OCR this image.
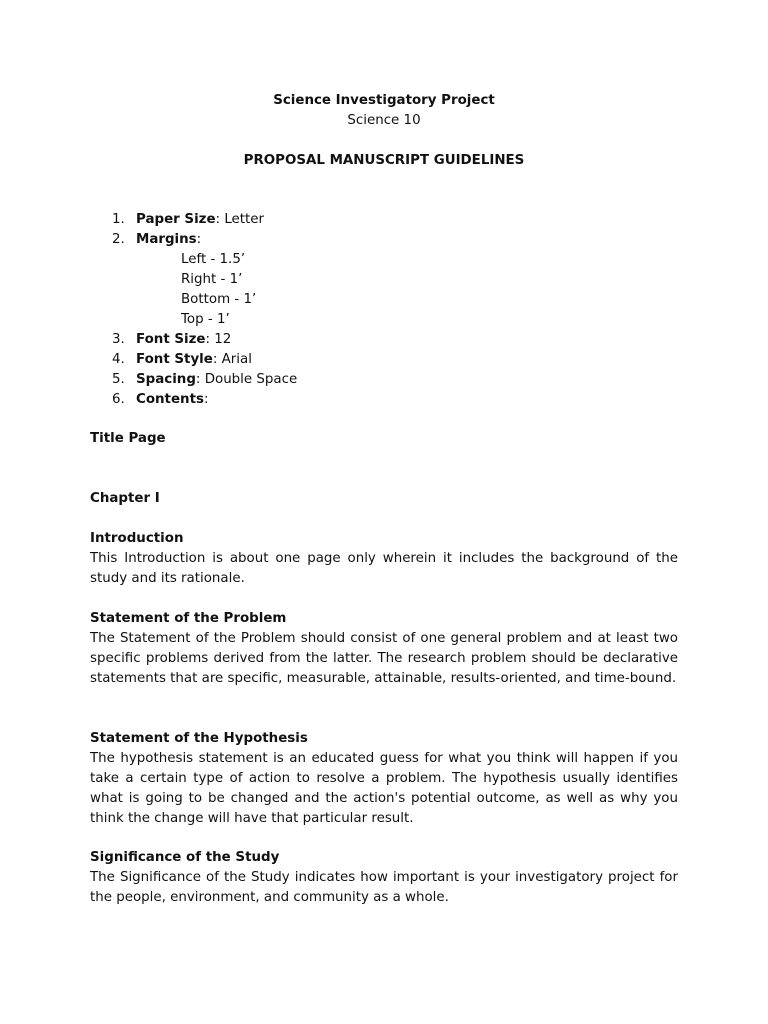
Science Investigatory Project

Science 10

PROPOSAL MANUSCRIPT GUIDELINES

1. Paper Size: Letter
2. Margins:
Left - 1.5’
Right - 1’
Bottom - 1’
Top - 1’
3. Font Size: 12
4. Font Style: Arial
5. Spacing: Double Space
6. Contents:

Title Page

Chapter I

Introduction

This Introduction is about one page only wherein it includes the background of the study and its rationale.

Statement of the Problem

The Statement of the Problem should consist of one general problem and at least two specific problems derived from the latter. The research problem should be declarative statements that are specific, measurable, attainable, results-oriented, and time-bound.

Statement of the Hypothesis

The hypothesis statement is an educated guess for what you think will happen if you take a certain type of action to resolve a problem. The hypothesis usually identifies what is going to be changed and the action's potential outcome, as well as why you think the change will have that particular result.

Significance of the Study

The Significance of the Study indicates how important is your investigatory project for the people, environment, and community as a whole.
